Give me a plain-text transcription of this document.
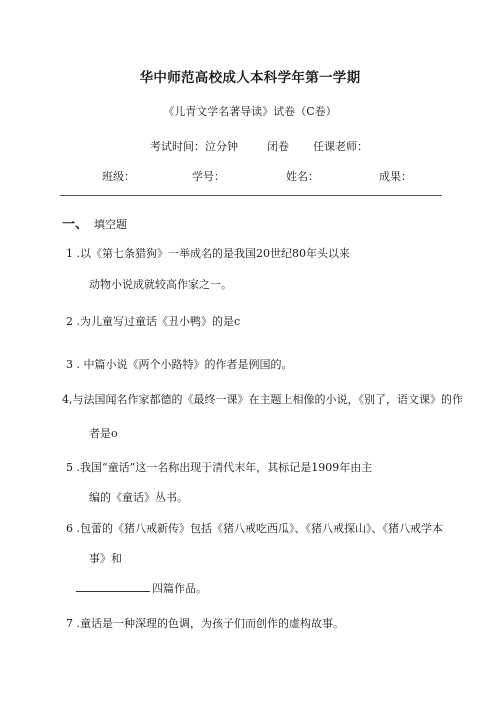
华中师范高校成人本科学年第一学期
《儿青文学名著导读》试卷（C卷）
考试时间：泣分钟	闭卷 任课老师：
班级：	学号：	姓名：	成果：
一、 填空题
1 .以《第七条猎狗》一举成名的是我国20世纪80年头以来
动物小说成就较高作家之一。
2 .为儿童写过童话《丑小鸭》的是c
3 . 中篇小说《两个小路特》的作者是例国的。
4,与法国闻名作家都德的《最终一课》在主题上相像的小说，《别了，语文课》的作
者是o
5 .我国“童话”这一名称出现于清代末年，其标记是1909年由主
编的《童话》丛书。
6 .包蕾的《猪八戒新传》包括《猪八戒吃西瓜》、《猪八戒探山》、《猪八戒学本
事》和
四篇作品。
7 .童话是一种深理的色调，为孩子们而创作的虚构故事。
